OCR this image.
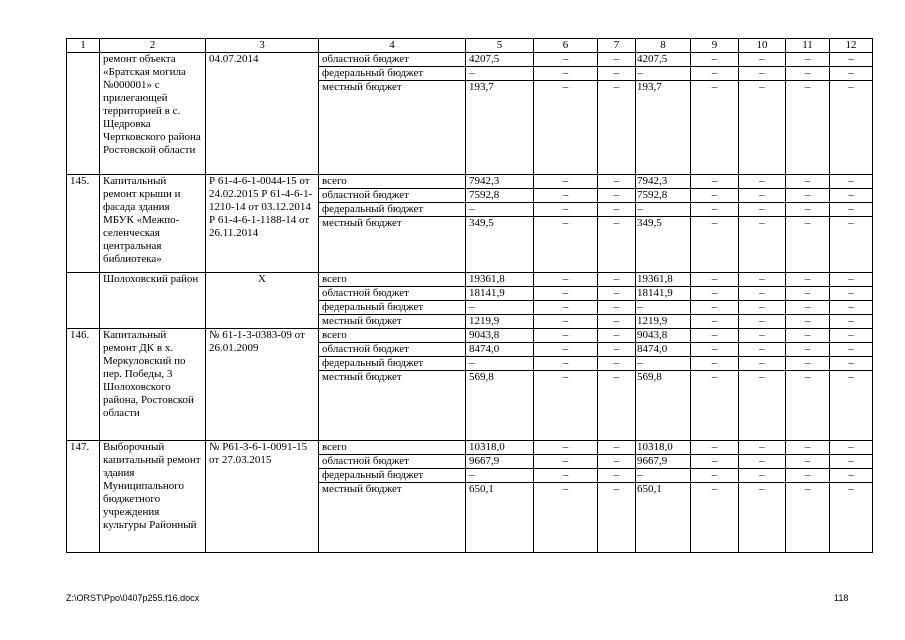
1	2	3	4	5	6	7	8	9	10	11	12
	ремонт объекта «Братская могила №000001» с прилегающей территорией в с. Щедровка Чертковского района Ростовской области	04.07.2014	областной бюджет	4207,5	–	–	4207,5	–	–	–	–
			федеральный бюджет	–	–	–	–	–	–	–	–
			местный бюджет	193,7	–	–	193,7	–	–	–	–
145.	Капитальный ремонт крыши и фасада здания МБУК «Межпо-селенческая центральная библиотека»	Р 61-4-6-1-0044-15 от 24.02.2015 Р 61-4-6-1-1210-14 от 03.12.2014 Р 61-4-6-1-1188-14 от 26.11.2014	всего	7942,3	–	–	7942,3	–	–	–	–
			областной бюджет	7592,8	–	–	7592,8	–	–	–	–
			федеральный бюджет	–	–	–	–	–	–	–	–
			местный бюджет	349,5	–	–	349,5	–	–	–	–
	Шолоховский район	Х	всего	19361,8	–	–	19361,8	–	–	–	–
			областной бюджет	18141,9	–	–	18141,9	–	–	–	–
			федеральный бюджет	–	–	–	–	–	–	–	–
			местный бюджет	1219,9	–	–	1219,9	–	–	–	–
146.	Капитальный ремонт ДК в х. Меркуловский по пер. Победы, 3 Шолоховского района, Ростовской области	№ 61-1-3-0383-09 от 26.01.2009	всего	9043,8	–	–	9043,8	–	–	–	–
			областной бюджет	8474,0	–	–	8474,0	–	–	–	–
			федеральный бюджет	–	–	–	–	–	–	–	–
			местный бюджет	569,8	–	–	569,8	–	–	–	–
147.	Выборочный капитальный ремонт здания Муниципального бюджетного учреждения культуры Районный	№ Р61-3-6-1-0091-15 от 27.03.2015	всего	10318,0	–	–	10318,0	–	–	–	–
			областной бюджет	9667,9	–	–	9667,9	–	–	–	–
			федеральный бюджет	–	–	–	–	–	–	–	–
			местный бюджет	650,1	–	–	650,1	–	–	–	–
Z:\ORST\Ppo\0407p255.f16.docx	118
